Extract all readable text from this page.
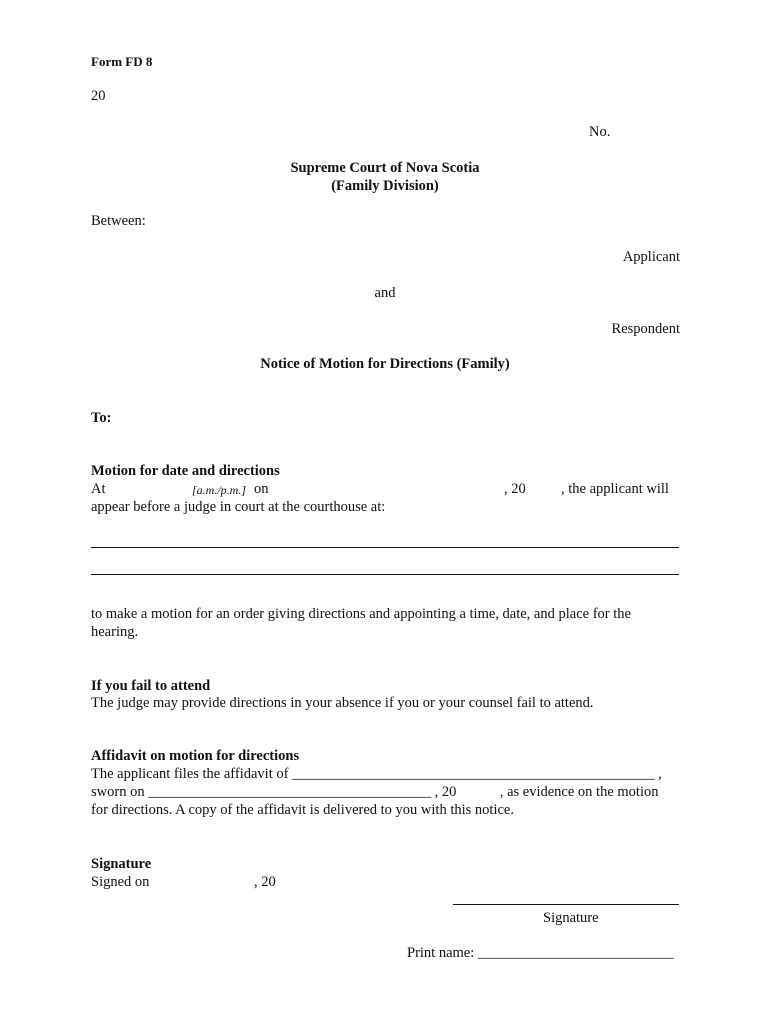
Form FD 8
20
No.
Supreme Court of Nova Scotia
(Family Division)
Between:
Applicant
and
Respondent
Notice of Motion for Directions (Family)
To:
Motion for date and directions
At	[a.m./p.m.] on	, 20 , the applicant will
appear before a judge in court at the courthouse at:
to make a motion for an order giving directions and appointing a time, date, and place for the
hearing.
If you fail to attend
The judge may provide directions in your absence if you or your counsel fail to attend.
Affidavit on motion for directions
The applicant files the affidavit of __________________________________________________ ,
sworn on _______________________________________ , 20            , as evidence on the motion
for directions. A copy of the affidavit is delivered to you with this notice.
Signature
Signed on	, 20
Signature
Print name: ___________________________
